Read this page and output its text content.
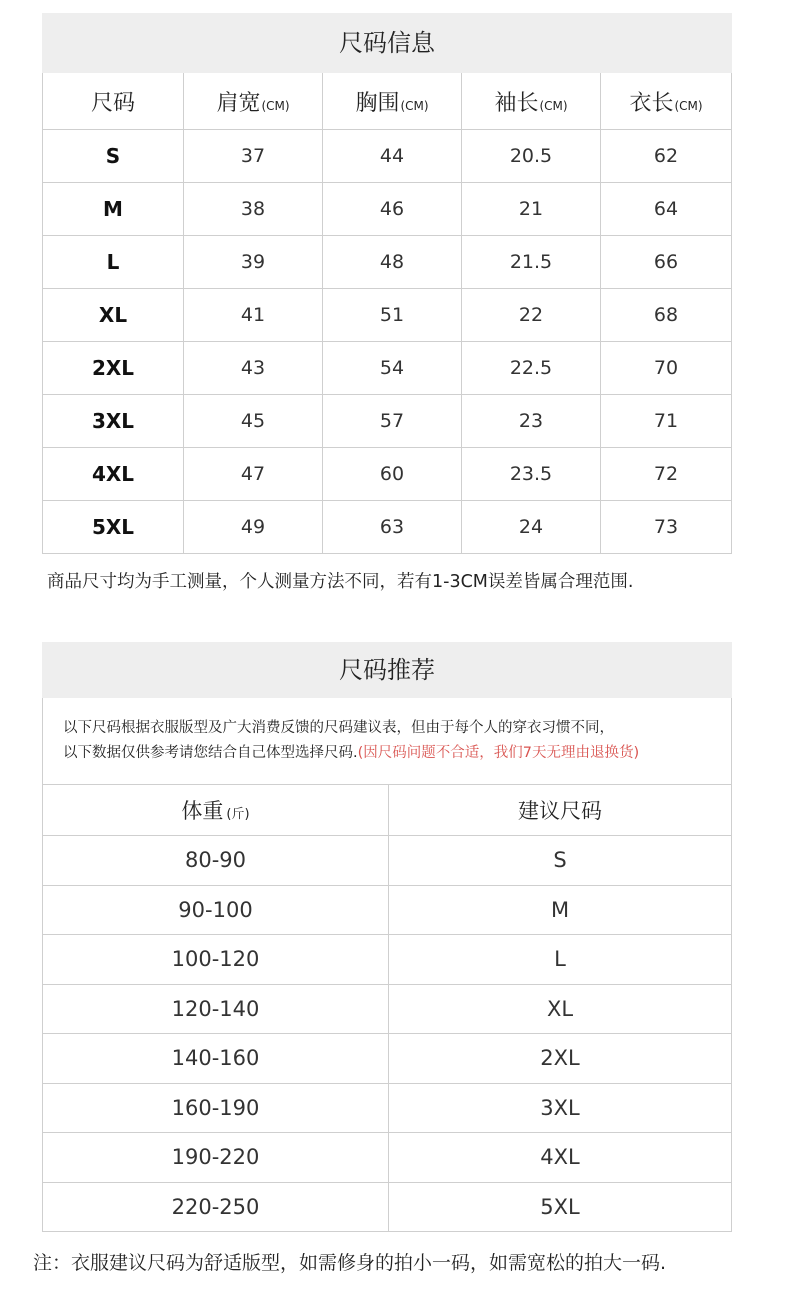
尺码信息
尺码	肩宽(CM)	胸围(CM)	袖长(CM)	衣长(CM)
S	37	44	20.5	62
M	38	46	21	64
L	39	48	21.5	66
XL	41	51	22	68
2XL	43	54	22.5	70
3XL	45	57	23	71
4XL	47	60	23.5	72
5XL	49	63	24	73
商品尺寸均为手工测量，个人测量方法不同，若有1-3CM误差皆属合理范围.
尺码推荐
以下尺码根据衣服版型及广大消费反馈的尺码建议表，但由于每个人的穿衣习惯不同，
以下数据仅供参考请您结合自己体型选择尺码.(因尺码问题不合适，我们7天无理由退换货)
体重 (斤)	建议尺码
80-90	S
90-100	M
100-120	L
120-140	XL
140-160	2XL
160-190	3XL
190-220	4XL
220-250	5XL
注：衣服建议尺码为舒适版型，如需修身的拍小一码，如需宽松的拍大一码.
